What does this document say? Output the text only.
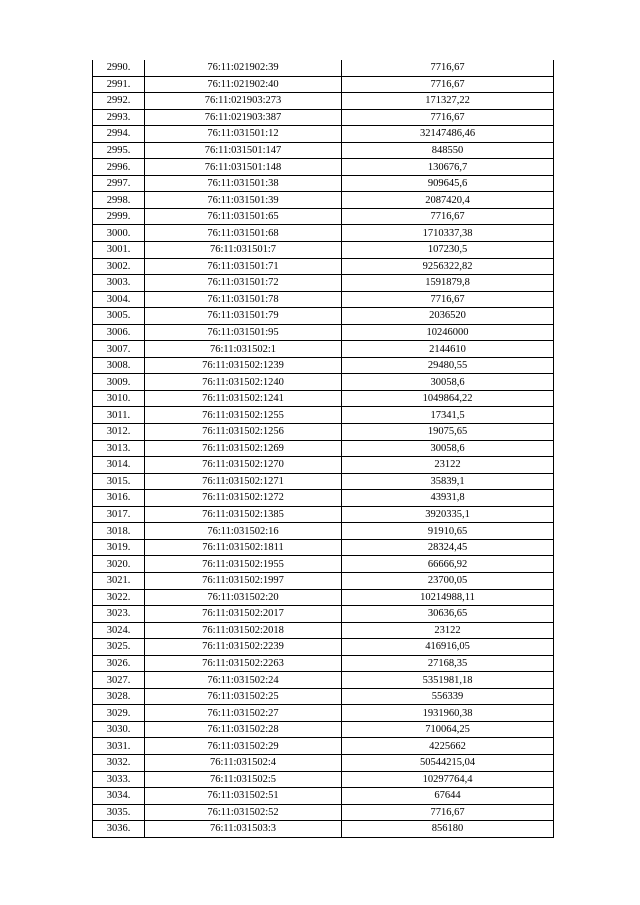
2990.	76:11:021902:39	7716,67
2991.	76:11:021902:40	7716,67
2992.	76:11:021903:273	171327,22
2993.	76:11:021903:387	7716,67
2994.	76:11:031501:12	32147486,46
2995.	76:11:031501:147	848550
2996.	76:11:031501:148	130676,7
2997.	76:11:031501:38	909645,6
2998.	76:11:031501:39	2087420,4
2999.	76:11:031501:65	7716,67
3000.	76:11:031501:68	1710337,38
3001.	76:11:031501:7	107230,5
3002.	76:11:031501:71	9256322,82
3003.	76:11:031501:72	1591879,8
3004.	76:11:031501:78	7716,67
3005.	76:11:031501:79	2036520
3006.	76:11:031501:95	10246000
3007.	76:11:031502:1	2144610
3008.	76:11:031502:1239	29480,55
3009.	76:11:031502:1240	30058,6
3010.	76:11:031502:1241	1049864,22
3011.	76:11:031502:1255	17341,5
3012.	76:11:031502:1256	19075,65
3013.	76:11:031502:1269	30058,6
3014.	76:11:031502:1270	23122
3015.	76:11:031502:1271	35839,1
3016.	76:11:031502:1272	43931,8
3017.	76:11:031502:1385	3920335,1
3018.	76:11:031502:16	91910,65
3019.	76:11:031502:1811	28324,45
3020.	76:11:031502:1955	66666,92
3021.	76:11:031502:1997	23700,05
3022.	76:11:031502:20	10214988,11
3023.	76:11:031502:2017	30636,65
3024.	76:11:031502:2018	23122
3025.	76:11:031502:2239	416916,05
3026.	76:11:031502:2263	27168,35
3027.	76:11:031502:24	5351981,18
3028.	76:11:031502:25	556339
3029.	76:11:031502:27	1931960,38
3030.	76:11:031502:28	710064,25
3031.	76:11:031502:29	4225662
3032.	76:11:031502:4	50544215,04
3033.	76:11:031502:5	10297764,4
3034.	76:11:031502:51	67644
3035.	76:11:031502:52	7716,67
3036.	76:11:031503:3	856180
